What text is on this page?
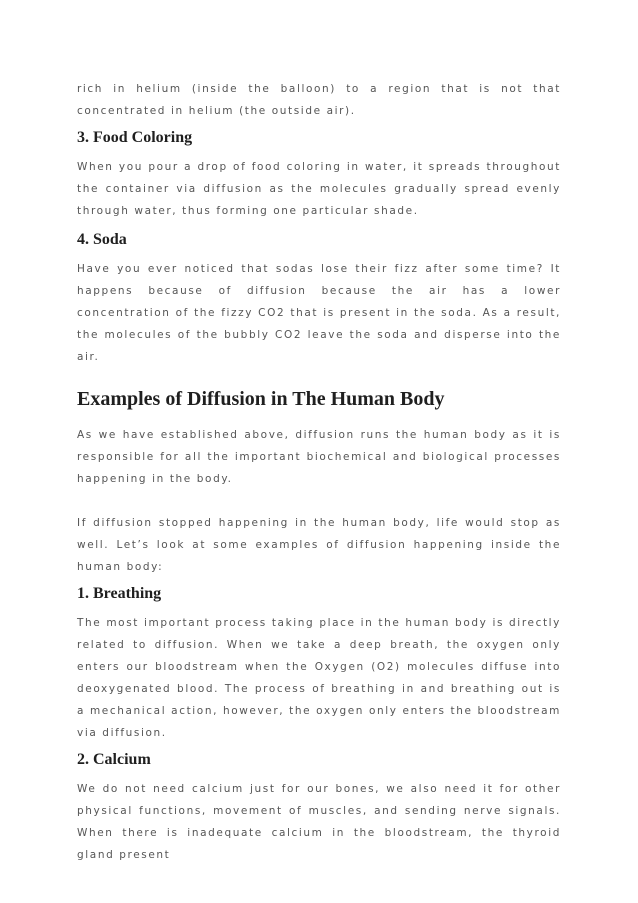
rich in helium (inside the balloon) to a region that is not that concentrated in helium (the outside air).

3. Food Coloring

When you pour a drop of food coloring in water, it spreads throughout the container via diffusion as the molecules gradually spread evenly through water, thus forming one particular shade.

4. Soda

Have you ever noticed that sodas lose their fizz after some time? It happens because of diffusion because the air has a lower concentration of the fizzy CO2 that is present in the soda. As a result, the molecules of the bubbly CO2 leave the soda and disperse into the air.

Examples of Diffusion in The Human Body

As we have established above, diffusion runs the human body as it is responsible for all the important biochemical and biological processes happening in the body.

If diffusion stopped happening in the human body, life would stop as well. Let’s look at some examples of diffusion happening inside the human body:

1. Breathing

The most important process taking place in the human body is directly related to diffusion. When we take a deep breath, the oxygen only enters our bloodstream when the Oxygen (O2) molecules diffuse into deoxygenated blood. The process of breathing in and breathing out is a mechanical action, however, the oxygen only enters the bloodstream via diffusion.

2. Calcium

We do not need calcium just for our bones, we also need it for other physical functions, movement of muscles, and sending nerve signals. When there is inadequate calcium in the bloodstream, the thyroid gland present
